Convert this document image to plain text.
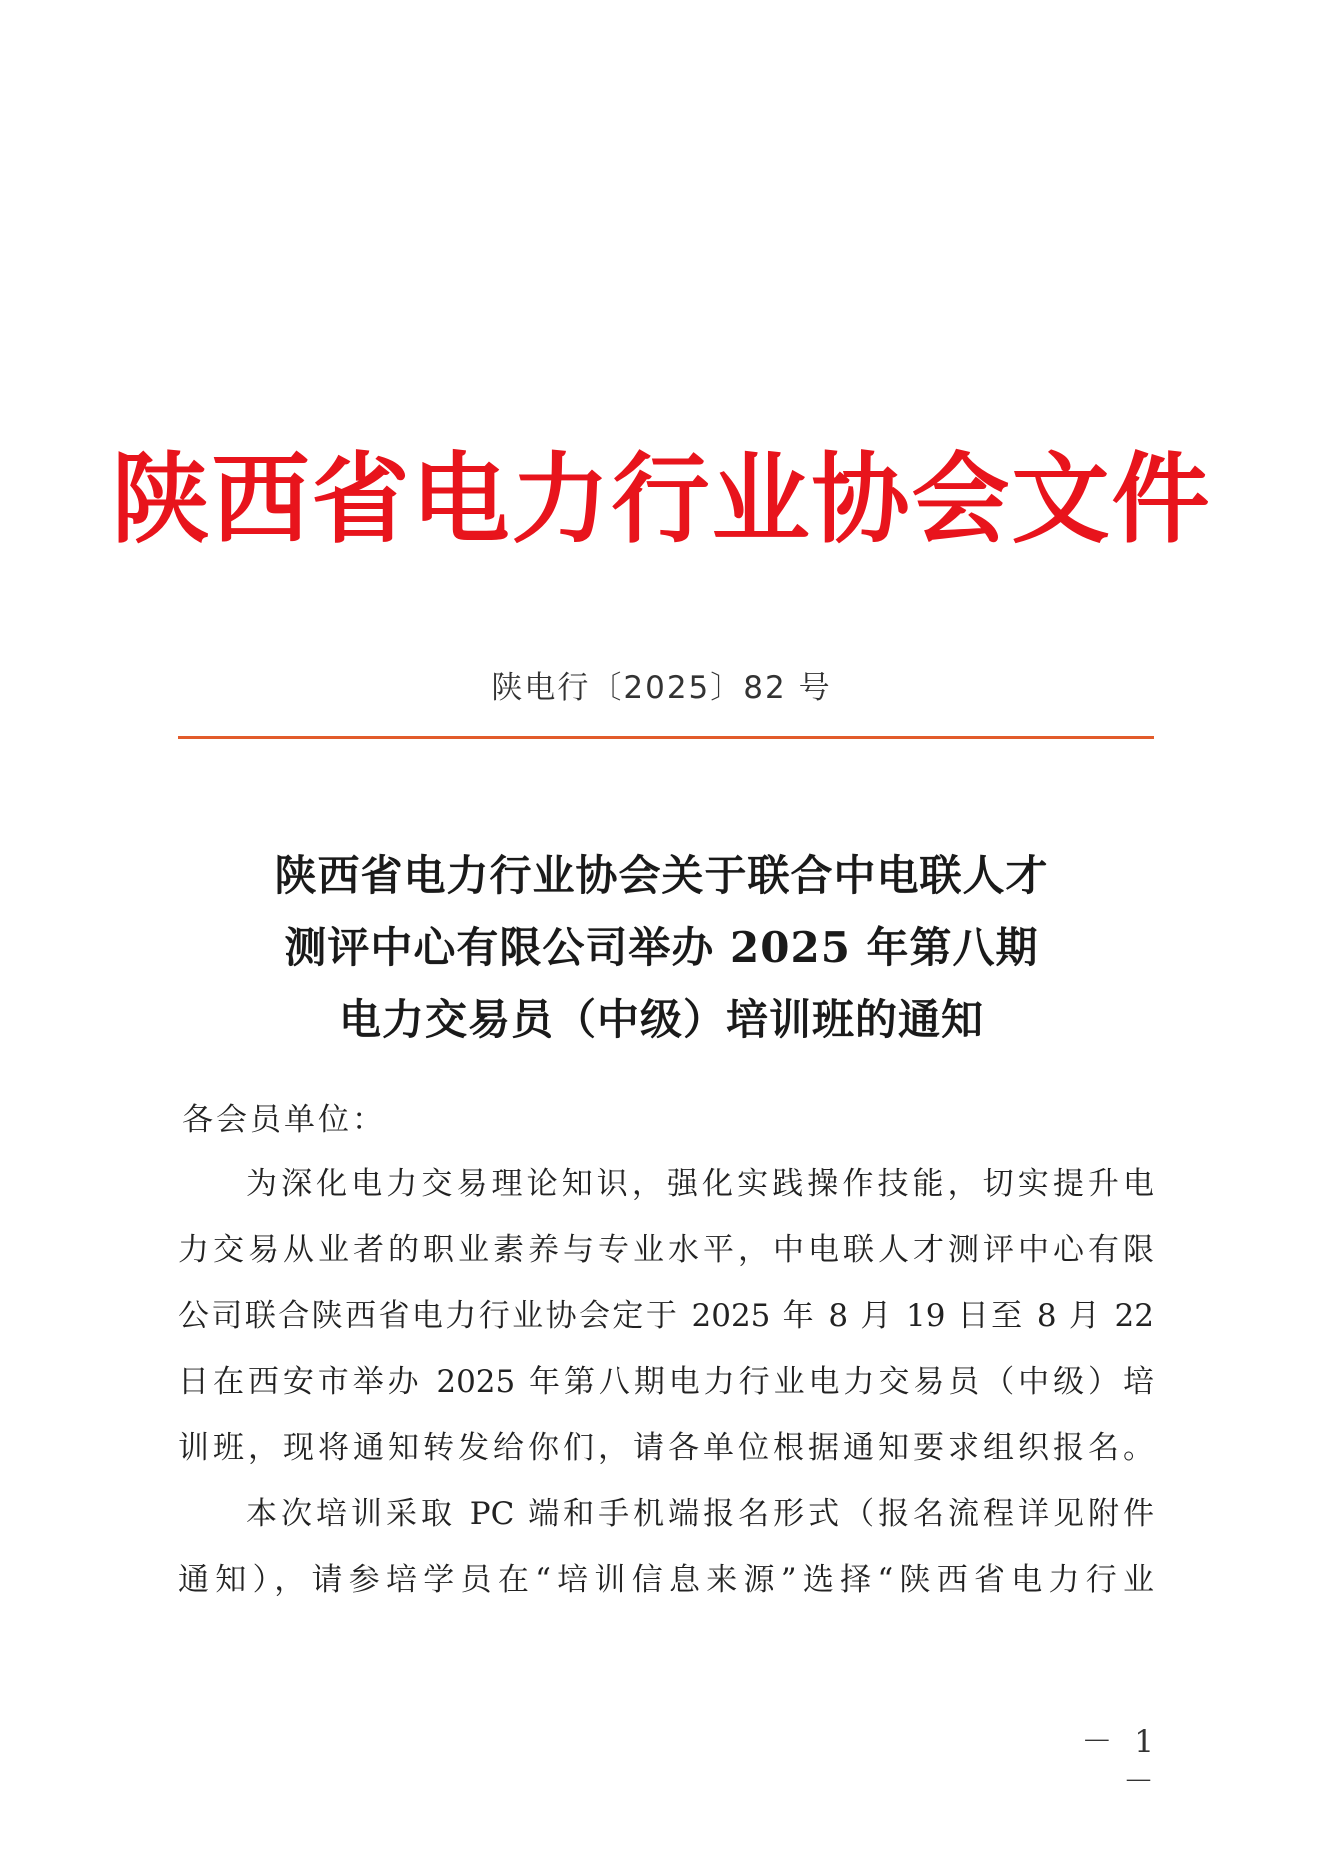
陕西省电力行业协会文件
陕电行〔2025〕82 号
陕西省电力行业协会关于联合中电联人才
测评中心有限公司举办 2025 年第八期
电力交易员（中级）培训班的通知
各会员单位：
为深化电力交易理论知识，强化实践操作技能，切实提升电
力交易从业者的职业素养与专业水平，中电联人才测评中心有限
公司联合陕西省电力行业协会定于 2025 年 8 月 19 日至 8 月 22
日在西安市举办 2025 年第八期电力行业电力交易员（中级）培
训班，现将通知转发给你们，请各单位根据通知要求组织报名。
本次培训采取 PC 端和手机端报名形式（报名流程详见附件
通知），请参培学员在“培训信息来源”选择“陕西省电力行业
－ 1 －
